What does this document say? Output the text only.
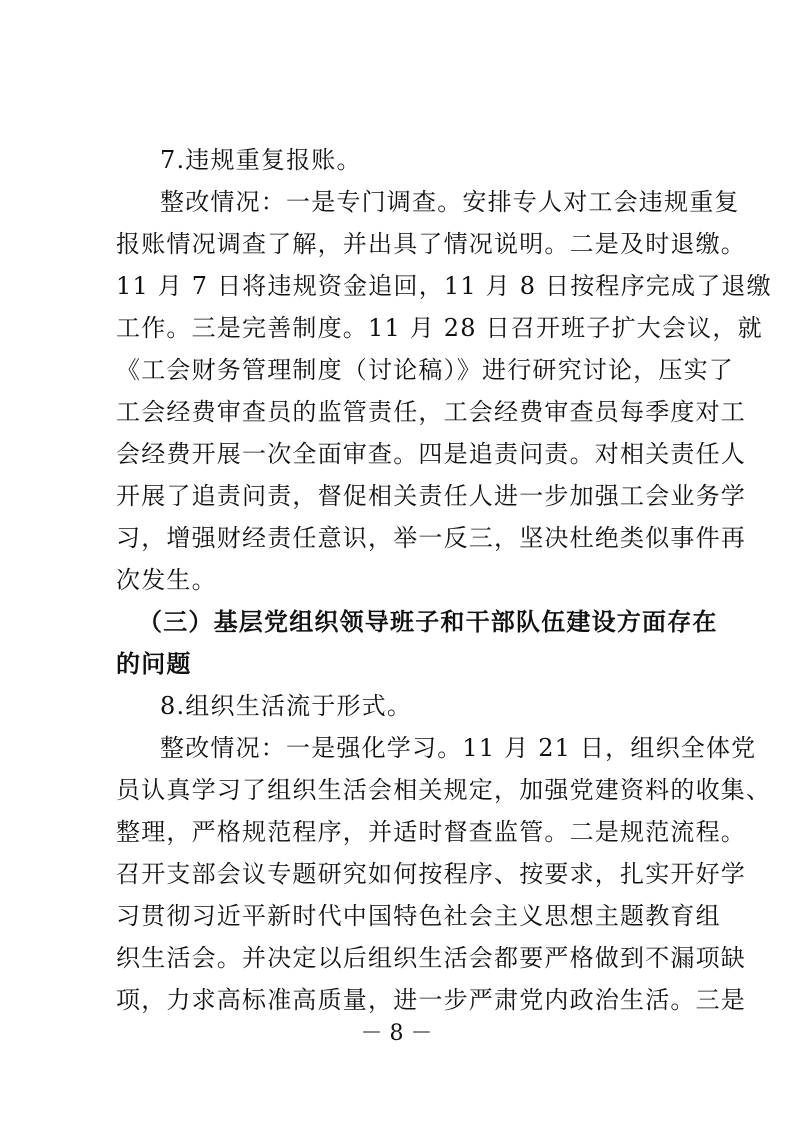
7.违规重复报账。
整改情况：一是专门调查。安排专人对工会违规重复
报账情况调查了解，并出具了情况说明。二是及时退缴。
11 月 7 日将违规资金追回，11 月 8 日按程序完成了退缴
工作。三是完善制度。11 月 28 日召开班子扩大会议，就
《工会财务管理制度（讨论稿）》进行研究讨论，压实了
工会经费审查员的监管责任，工会经费审查员每季度对工
会经费开展一次全面审查。四是追责问责。对相关责任人
开展了追责问责，督促相关责任人进一步加强工会业务学
习，增强财经责任意识，举一反三，坚决杜绝类似事件再
次发生。
（三）基层党组织领导班子和干部队伍建设方面存在
的问题
8.组织生活流于形式。
整改情况：一是强化学习。11 月 21 日，组织全体党
员认真学习了组织生活会相关规定，加强党建资料的收集、
整理，严格规范程序，并适时督查监管。二是规范流程。
召开支部会议专题研究如何按程序、按要求，扎实开好学
习贯彻习近平新时代中国特色社会主义思想主题教育组
织生活会。并决定以后组织生活会都要严格做到不漏项缺
项，力求高标准高质量，进一步严肃党内政治生活。三是
－ 8 －
